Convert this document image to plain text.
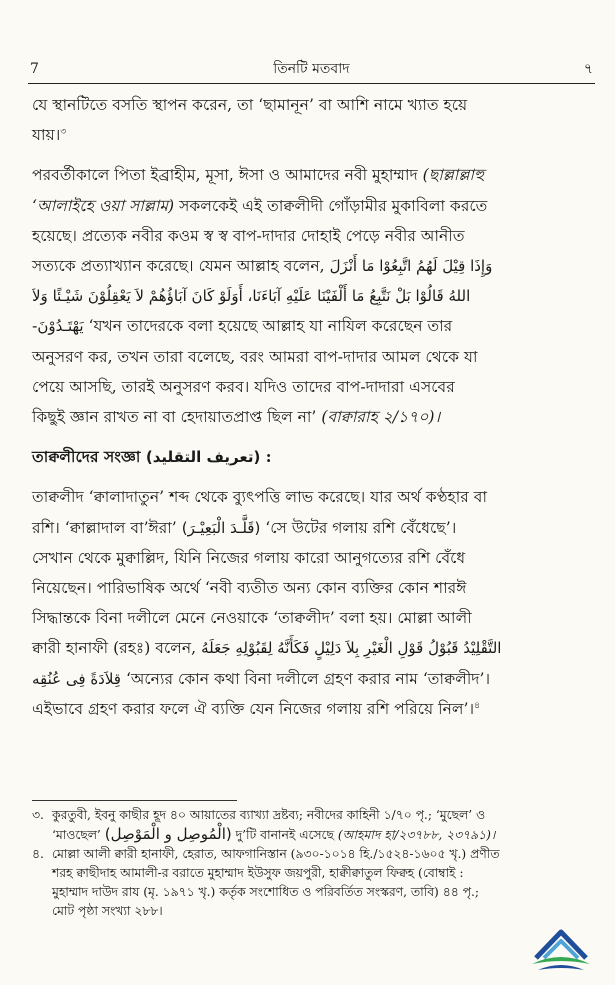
7	তিনটি মতবাদ	৭

যে স্থানটিতে বসতি স্থাপন করেন, তা ‘ছামানূন’ বা আশি নামে খ্যাত হয়ে
যায়।$^৩$

পরবর্তীকালে পিতা ইব্রাহীম, মূসা, ঈসা ও আমাদের নবী মুহাম্মাদ (ছাল্লাল্লাহু
‘আলাইহে ওয়া সাল্লাম) সকলকেই এই তাক্বলীদী গোঁড়ামীর মুকাবিলা করতে
হয়েছে। প্রত্যেক নবীর কওম স্ব স্ব বাপ-দাদার দোহাই পেড়ে নবীর আনীত
সত্যকে প্রত্যাখ্যান করেছে। যেমন আল্লাহ বলেন, وَإِذَا قِيْلَ لَهُمُ اتَّبِعُوْا مَا أَنْزَلَ

اللهُ قَالُوْا بَلْ نَتَّبِعُ مَا أَلْفَيْنَا عَلَيْهِ آبَاءَنَا، أَوَلَوْ كَانَ آبَاؤُهُمْ لاَ يَعْقِلُوْنَ شَيْـئًا وَلاَ

يَهْتَـدُوْنَ- ‘যখন তাদেরকে বলা হয়েছে আল্লাহ যা নাযিল করেছেন তার
অনুসরণ কর, তখন তারা বলেছে, বরং আমরা বাপ-দাদার আমল থেকে যা
পেয়ে আসছি, তারই অনুসরণ করব। যদিও তাদের বাপ-দাদারা এসবের
কিছুই জ্ঞান রাখত না বা হেদায়াতপ্রাপ্ত ছিল না’ (বাক্বারাহ ২/১৭০)।

তাক্বলীদের সংজ্ঞা (تعريف التقليد) :

তাক্বলীদ ‘ক্বালাদাতুন’ শব্দ থেকে ব্যুৎপত্তি লাভ করেছে। যার অর্থ কণ্ঠহার বা
রশি। ‘ক্বাল্লাদাল বা’ঈরা’ (قَلَّـدَ الْبَعِيْـرَ) ‘সে উটের গলায় রশি বেঁধেছে’।
সেখান থেকে মুক্বাল্লিদ, যিনি নিজের গলায় কারো আনুগত্যের রশি বেঁধে
নিয়েছেন। পারিভাষিক অর্থে ‘নবী ব্যতীত অন্য কোন ব্যক্তির কোন শারঈ
সিদ্ধান্তকে বিনা দলীলে মেনে নেওয়াকে ‘তাক্বলীদ’ বলা হয়। মোল্লা আলী
ক্বারী হানাফী (রহঃ) বলেন, التَّقْلِيْدُ قَبُوْلُ قَوْلِ الْغَيْرِ بِلاَ دَلِيْلٍ فَكَأَنَّهُ لِقَبُوْلِهِ جَعَلَهُ
قِلاَدَةً فِى عُنُقِه ‘অন্যের কোন কথা বিনা দলীলে গ্রহণ করার নাম ‘তাক্বলীদ’।
এইভাবে গ্রহণ করার ফলে ঐ ব্যক্তি যেন নিজের গলায় রশি পরিয়ে নিল’।$^৪$

৩. কুরতুবী, ইবনু কাছীর হূদ ৪০ আয়াতের ব্যাখ্যা দ্রষ্টব্য; নবীদের কাহিনী ১/৭০ পৃ.; ‘মুছেল’ ও
‘মাওছেল’ (الْمُوصِل و الْمَوْصِل) দু’টি বানানই এসেছে (আহমাদ হা/২৩৭৮৮, ২৩৭৯১)।

৪. মোল্লা আলী ক্বারী হানাফী, হেরাত, আফগানিস্তান (৯৩০-১০১৪ হি./১৫২৪-১৬০৫ খৃ.) প্রণীত
শরহ ক্বাছীদাহ আমালী-র বরাতে মুহাম্মাদ ইউসুফ জয়পুরী, হাক্বীক্বাতুল ফিক্বহ (বোম্বাই :
মুহাম্মাদ দাউদ রায (মৃ. ১৯৭১ খৃ.) কর্তৃক সংশোধিত ও পরিবর্তিত সংস্করণ, তাবি) ৪৪ পৃ.;
মোট পৃষ্ঠা সংখ্যা ২৮৮।
